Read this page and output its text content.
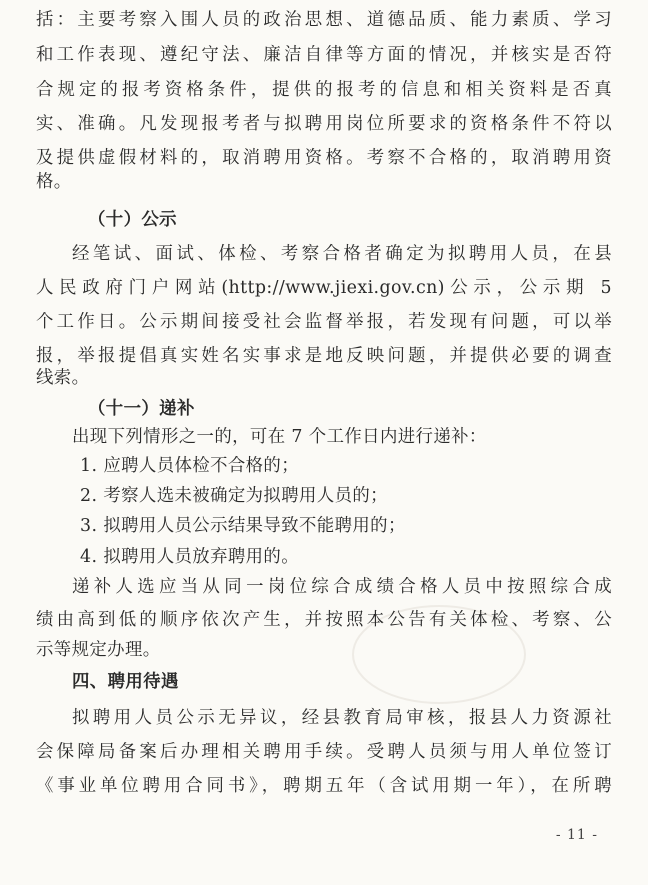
括：主要考察入围人员的政治思想、道德品质、能力素质、学习
和工作表现、遵纪守法、廉洁自律等方面的情况，并核实是否符
合规定的报考资格条件，提供的报考的信息和相关资料是否真
实、准确。凡发现报考者与拟聘用岗位所要求的资格条件不符以
及提供虚假材料的，取消聘用资格。考察不合格的，取消聘用资
格。
（十）公示
经笔试、面试、体检、考察合格者确定为拟聘用人员，在县
人民政府门户网站(http://www.jiexi.gov.cn)公示，公示期 5
个工作日。公示期间接受社会监督举报，若发现有问题，可以举
报，举报提倡真实姓名实事求是地反映问题，并提供必要的调查
线索。
（十一）递补
出现下列情形之一的，可在 7 个工作日内进行递补：
1. 应聘人员体检不合格的；
2. 考察人选未被确定为拟聘用人员的；
3. 拟聘用人员公示结果导致不能聘用的；
4. 拟聘用人员放弃聘用的。
递补人选应当从同一岗位综合成绩合格人员中按照综合成
绩由高到低的顺序依次产生，并按照本公告有关体检、考察、公
示等规定办理。
四、聘用待遇
拟聘用人员公示无异议，经县教育局审核，报县人力资源社
会保障局备案后办理相关聘用手续。受聘人员须与用人单位签订
《事业单位聘用合同书》，聘期五年（含试用期一年），在所聘
- 11 -
